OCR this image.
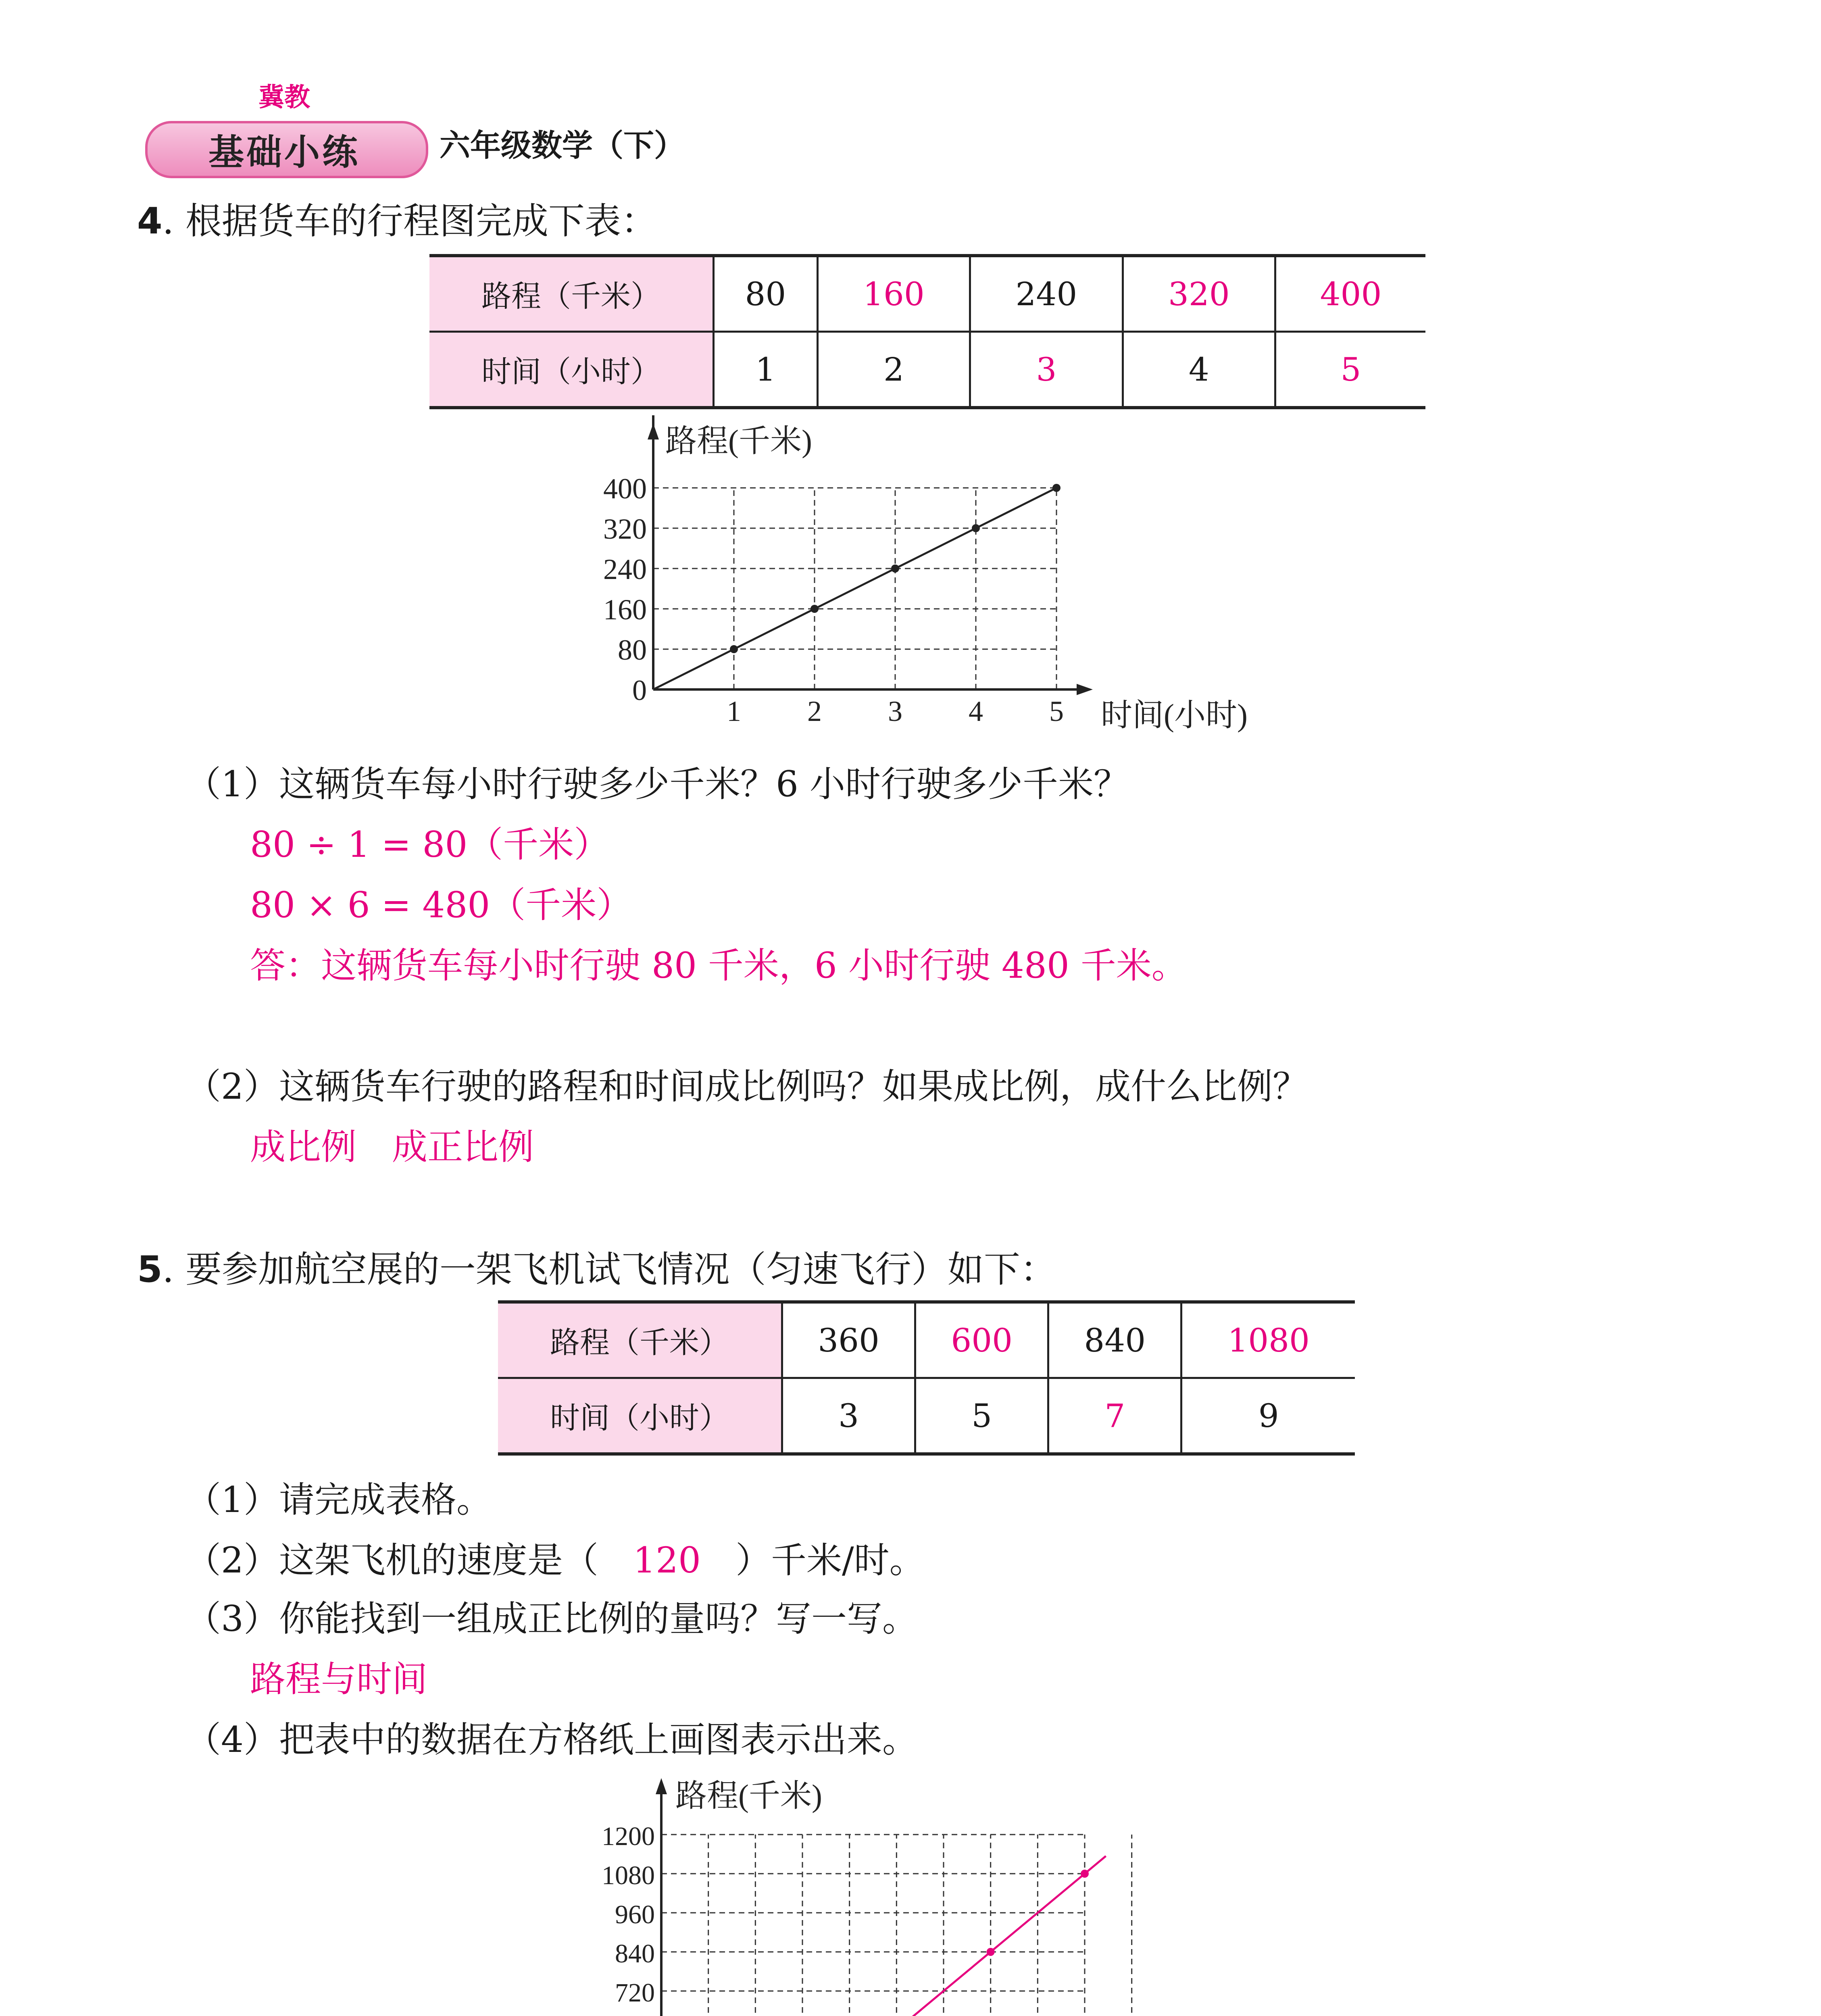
冀教
基础小练	六年级数学（下）
4. 根据货车的行程图完成下表：
路程（千米）	80	160	240	320	400
时间（小时）	1	2	3	4	5
路程(千米)
时间(小时)
0
80
160
240
320
400
1 2 3 4 5
（1）这辆货车每小时行驶多少千米？6 小时行驶多少千米？
80 ÷ 1 = 80（千米）
80 × 6 = 480（千米）
答：这辆货车每小时行驶 80 千米，6 小时行驶 480 千米。
（2）这辆货车行驶的路程和时间成比例吗？如果成比例，成什么比例？
成比例　成正比例
5. 要参加航空展的一架飞机试飞情况（匀速飞行）如下：
路程（千米）	360	600	840	1080
时间（小时）	3	5	7	9
（1）请完成表格。
（2）这架飞机的速度是（ 120 ）千米/时。
（3）你能找到一组成正比例的量吗？写一写。
路程与时间
（4）把表中的数据在方格纸上画图表示出来。
路程(千米)
720
840
960
1080
1200
